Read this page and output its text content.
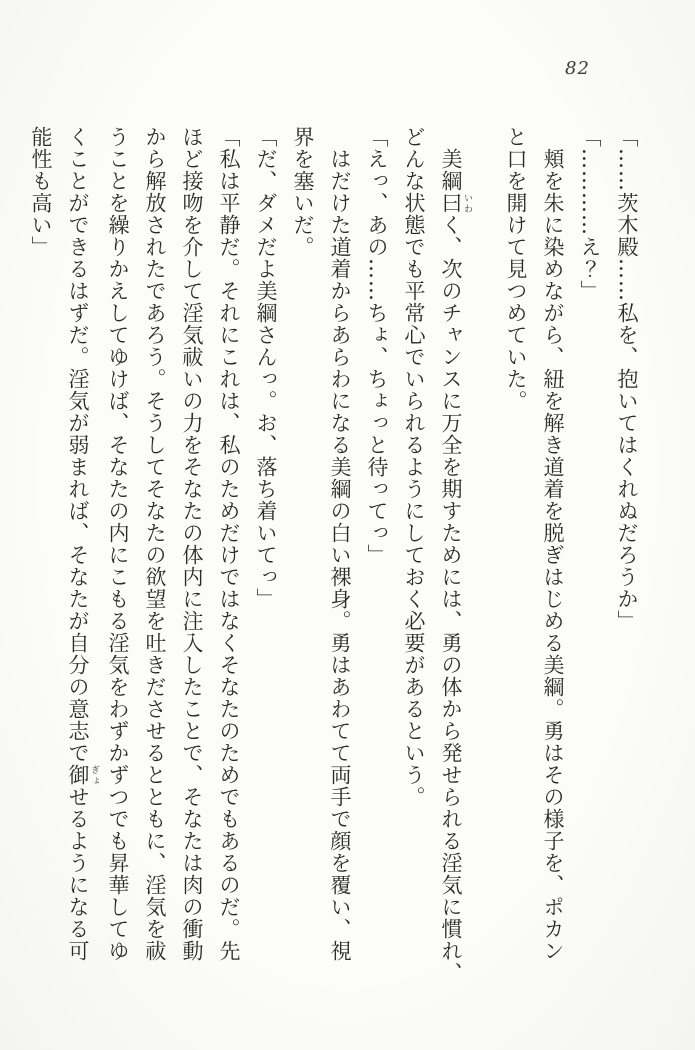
82

「……茨木殿……私を、抱いてはくれぬだろうか」

「…………え？」

頬を朱に染めながら、紐を解き道着を脱ぎはじめる美綱。勇はその様子を、ポカン

と口を開けて見つめていた。

美綱曰 いわく、次のチャンスに万全を期すためには、勇の体から発せられる淫気に慣れ、

どんな状態でも平常心でいられるようにしておく必要があるという。

「えっ、あの……ちょ、ちょっと待ってっ」

はだけた道着からあらわになる美綱の白い裸身。勇はあわてて両手で顔を覆い、視

界を塞いだ。

「だ、ダメだよ美綱さんっ。お、落ち着いてっ」

「私は平静だ。それにこれは、私のためだけではなくそなたのためでもあるのだ。先

ほど接吻を介して淫気祓いの力をそなたの体内に注入したことで、そなたは肉の衝動

から解放されたであろう。そうしてそなたの欲望を吐きださせるとともに、淫気を祓

うことを繰りかえしてゆけば、そなたの内にこもる淫気をわずかずつでも昇華してゆ

くことができるはずだ。淫気が弱まれば、そなたが自分の意志で御 ぎょせるようになる可

能性も高い」
